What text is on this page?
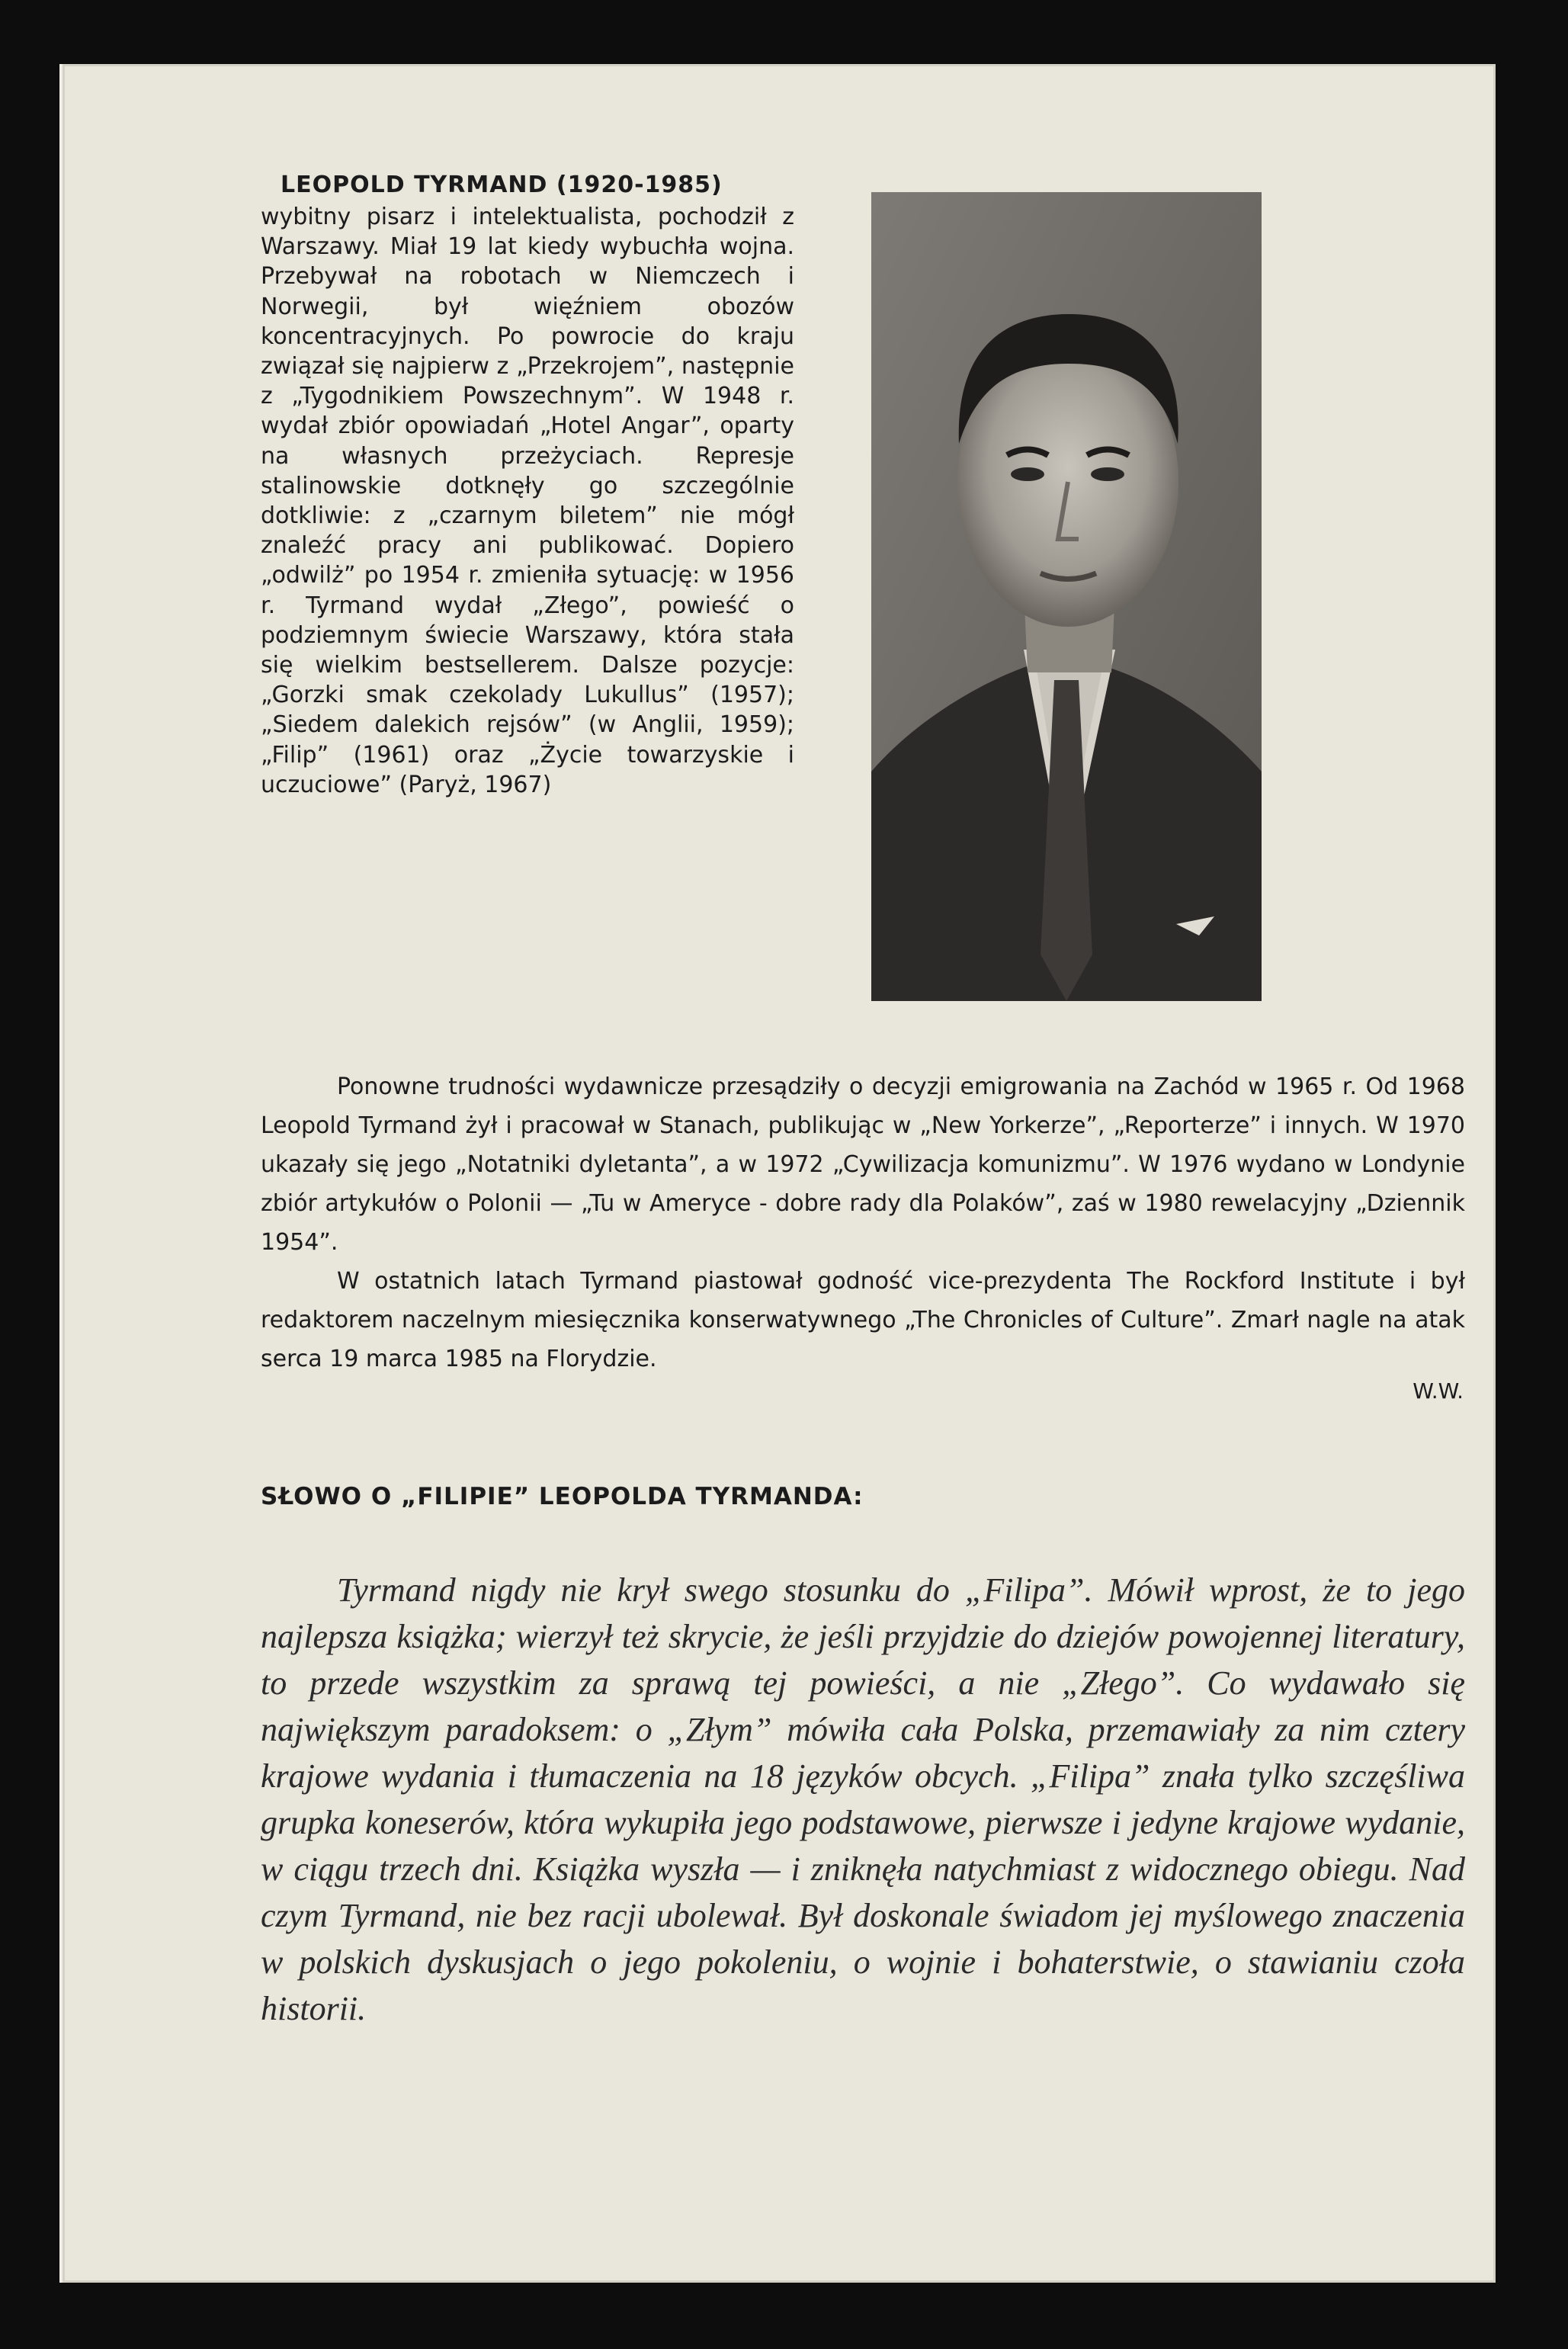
LEOPOLD TYRMAND (1920-1985)

wybitny pisarz i intelektualista, pochodził z Warszawy. Miał 19 lat kiedy wybuchła wojna. Przebywał na robotach w Niemczech i Norwegii, był więźniem obozów koncentracyjnych. Po powrocie do kraju związał się najpierw z „Przekrojem”, następnie z „Tygodnikiem Powszechnym”. W 1948 r. wydał zbiór opowiadań „Hotel Angar”, oparty na własnych przeżyciach. Represje stalinowskie dotknęły go szczególnie dotkliwie: z „czarnym biletem” nie mógł znaleźć pracy ani publikować. Dopiero „odwilż” po 1954 r. zmieniła sytuację: w 1956 r. Tyrmand wydał „Złego”, powieść o podziemnym świecie Warszawy, która stała się wielkim bestsellerem. Dalsze pozycje: „Gorzki smak czekolady Lukullus” (1957); „Siedem dalekich rejsów” (w Anglii, 1959); „Filip” (1961) oraz „Życie towarzyskie i uczuciowe” (Paryż, 1967)

Ponowne trudności wydawnicze przesądziły o decyzji emigrowania na Zachód w 1965 r. Od 1968 Leopold Tyrmand żył i pracował w Stanach, publikując w „New Yorkerze”, „Reporterze” i innych. W 1970 ukazały się jego „Notatniki dyletanta”, a w 1972 „Cywilizacja komunizmu”. W 1976 wydano w Londynie zbiór artykułów o Polonii — „Tu w Ameryce - dobre rady dla Polaków”, zaś w 1980 rewelacyjny „Dziennik 1954”.

W ostatnich latach Tyrmand piastował godność vice-prezydenta The Rockford Institute i był redaktorem naczelnym miesięcznika konserwatywnego „The Chronicles of Culture”. Zmarł nagle na atak serca 19 marca 1985 na Florydzie.

W.W.
SŁOWO O „FILIPIE” LEOPOLDA TYRMANDA:

Tyrmand nigdy nie krył swego stosunku do „Filipa”. Mówił wprost, że to jego najlepsza książka; wierzył też skrycie, że jeśli przyjdzie do dziejów powojennej literatury, to przede wszystkim za sprawą tej powieści, a nie „Złego”. Co wydawało się największym paradoksem: o „Złym” mówiła cała Polska, przemawiały za nim cztery krajowe wydania i tłumaczenia na 18 języków obcych. „Filipa” znała tylko szczęśliwa grupka koneserów, która wykupiła jego podstawowe, pierwsze i jedyne krajowe wydanie, w ciągu trzech dni. Książka wyszła — i zniknęła natychmiast z widocznego obiegu. Nad czym Tyrmand, nie bez racji ubolewał. Był doskonale świadom jej myślowego znaczenia w polskich dyskusjach o jego pokoleniu, o wojnie i bohaterstwie, o stawianiu czoła historii.
